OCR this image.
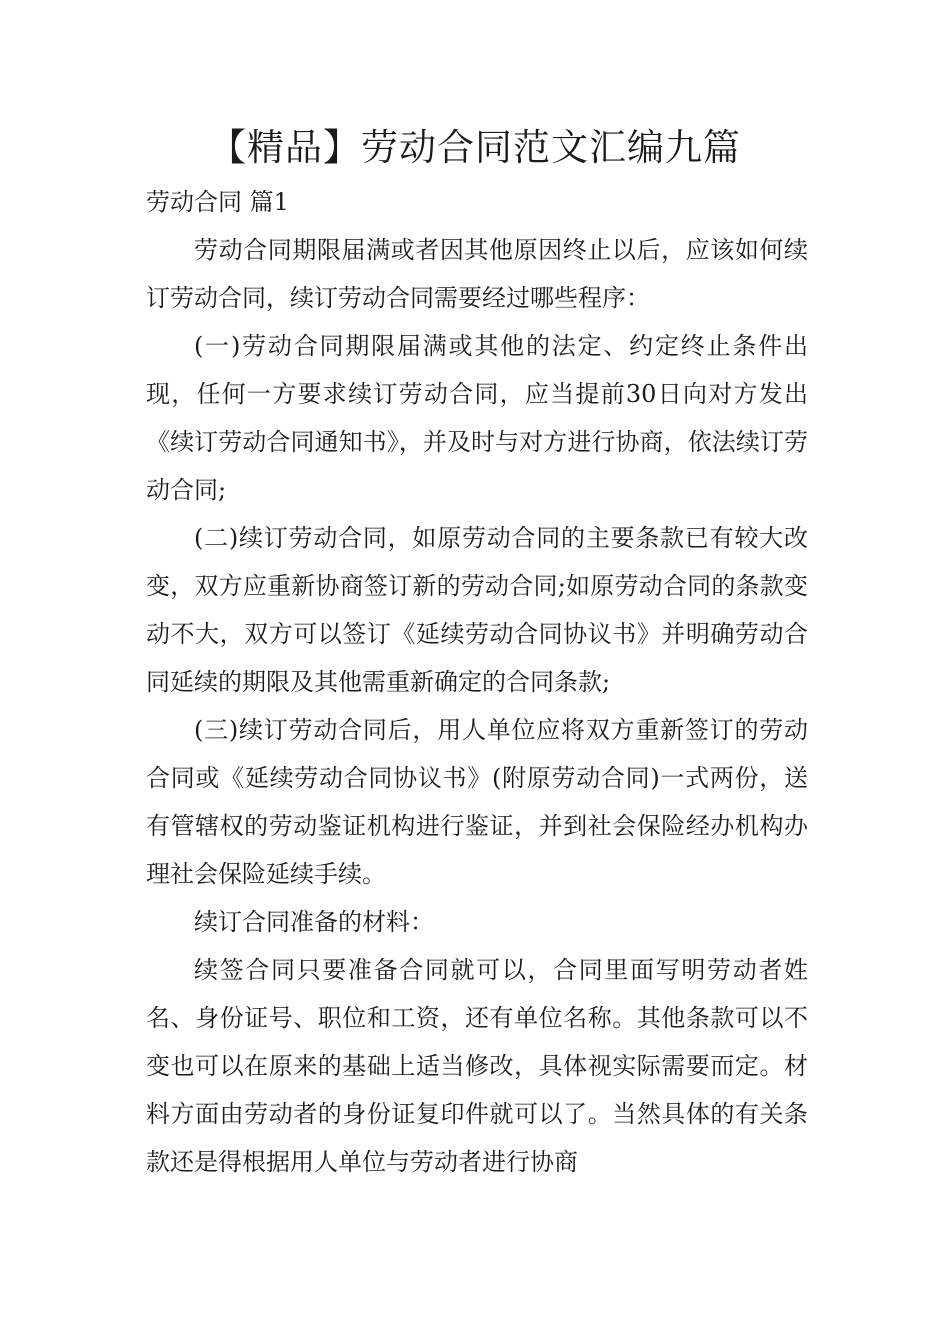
【精品】劳动合同范文汇编九篇

劳动合同 篇1

劳动合同期限届满或者因其他原因终止以后，应该如何续订劳动合同，续订劳动合同需要经过哪些程序：

(一)劳动合同期限届满或其他的法定、约定终止条件出现，任何一方要求续订劳动合同，应当提前30日向对方发出《续订劳动合同通知书》，并及时与对方进行协商，依法续订劳动合同;

(二)续订劳动合同，如原劳动合同的主要条款已有较大改变，双方应重新协商签订新的劳动合同;如原劳动合同的条款变动不大，双方可以签订《延续劳动合同协议书》并明确劳动合同延续的期限及其他需重新确定的合同条款;

(三)续订劳动合同后，用人单位应将双方重新签订的劳动合同或《延续劳动合同协议书》(附原劳动合同)一式两份，送有管辖权的劳动鉴证机构进行鉴证，并到社会保险经办机构办理社会保险延续手续。

续订合同准备的材料：

续签合同只要准备合同就可以，合同里面写明劳动者姓名、身份证号、职位和工资，还有单位名称。其他条款可以不变也可以在原来的基础上适当修改，具体视实际需要而定。材料方面由劳动者的身份证复印件就可以了。当然具体的有关条款还是得根据用人单位与劳动者进行协商
